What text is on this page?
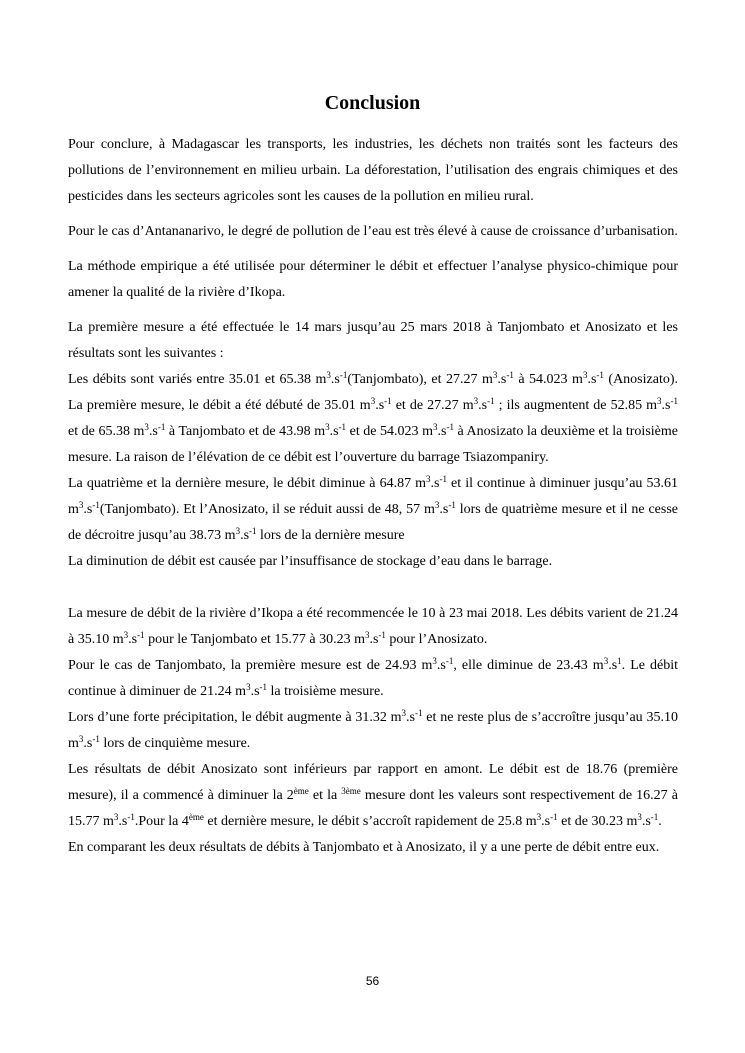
Conclusion

Pour conclure, à Madagascar les transports, les industries, les déchets non traités sont les facteurs des pollutions de l’environnement en milieu urbain. La déforestation, l’utilisation des engrais chimiques et des pesticides dans les secteurs agricoles sont les causes de la pollution en milieu rural.

Pour le cas d’Antananarivo, le degré de pollution de l’eau est très élevé à cause de croissance d’urbanisation.

La méthode empirique a été utilisée pour déterminer le débit et effectuer l’analyse physico-chimique pour amener la qualité de la rivière d’Ikopa.

La première mesure a été effectuée le 14 mars jusqu’au 25 mars 2018 à Tanjombato et Anosizato et les résultats sont les suivantes :

Les débits sont variés entre 35.01 et 65.38 $m^3.s^{-1}(Tanjombato)$, et 27.27 $m^3.s^{-1}$ à 54.023 $m^3.s^{-1}$ (Anosizato). La première mesure, le débit a été débuté de 35.01 $m^3.s^{-1}$ et de 27.27 $m^3.s^{-1}$ ; ils augmentent de 52.85 $m^3.s^{-1}$ et de 65.38 $m^3.s^{-1}$ à Tanjombato et de 43.98 $m^3.s^{-1}$ et de 54.023 $m^3.s^{-1}$ à Anosizato la deuxième et la troisième mesure. La raison de l’élévation de ce débit est l’ouverture du barrage Tsiazompaniry.

La quatrième et la dernière mesure, le débit diminue à 64.87 $m^3.s^{-1}$ et il continue à diminuer jusqu’au 53.61 $m^3.s^{-1}(Tanjombato)$. Et l’Anosizato, il se réduit aussi de 48, 57 $m^3.s^{-1}$ lors de quatrième mesure et il ne cesse de décroitre jusqu’au 38.73 $m^3.s^{-1}$ lors de la dernière mesure

La diminution de débit est causée par l’insuffisance de stockage d’eau dans le barrage.

La mesure de débit de la rivière d’Ikopa a été recommencée le 10 à 23 mai 2018. Les débits varient de 21.24 à 35.10 $m^3.s^{-1}$ pour le Tanjombato et 15.77 à 30.23 $m^3.s^{-1}$ pour l’Anosizato.

Pour le cas de Tanjombato, la première mesure est de 24.93 $m^3.s^{-1}$, elle diminue de 23.43 $m^3.s^1$. Le débit continue à diminuer de 21.24 $m^3.s^{-1}$ la troisième mesure.

Lors d’une forte précipitation, le débit augmente à 31.32 $m^3.s^{-1}$ et ne reste plus de s’accroître jusqu’au 35.10 $m^3.s^{-1}$ lors de cinquième mesure.

Les résultats de débit Anosizato sont inférieurs par rapport en amont. Le débit est de 18.76 (première mesure), il a commencé à diminuer la 2ème et la $^{3ème}$ mesure dont les valeurs sont respectivement de 16.27 à 15.77 $m^3.s^{-1}.Pour$ la 4ème et dernière mesure, le débit s’accroît rapidement de 25.8 $m^3.s^{-1}$ et de 30.23 $m^3.s^{-1}$.

En comparant les deux résultats de débits à Tanjombato et à Anosizato, il y a une perte de débit entre eux.

56
